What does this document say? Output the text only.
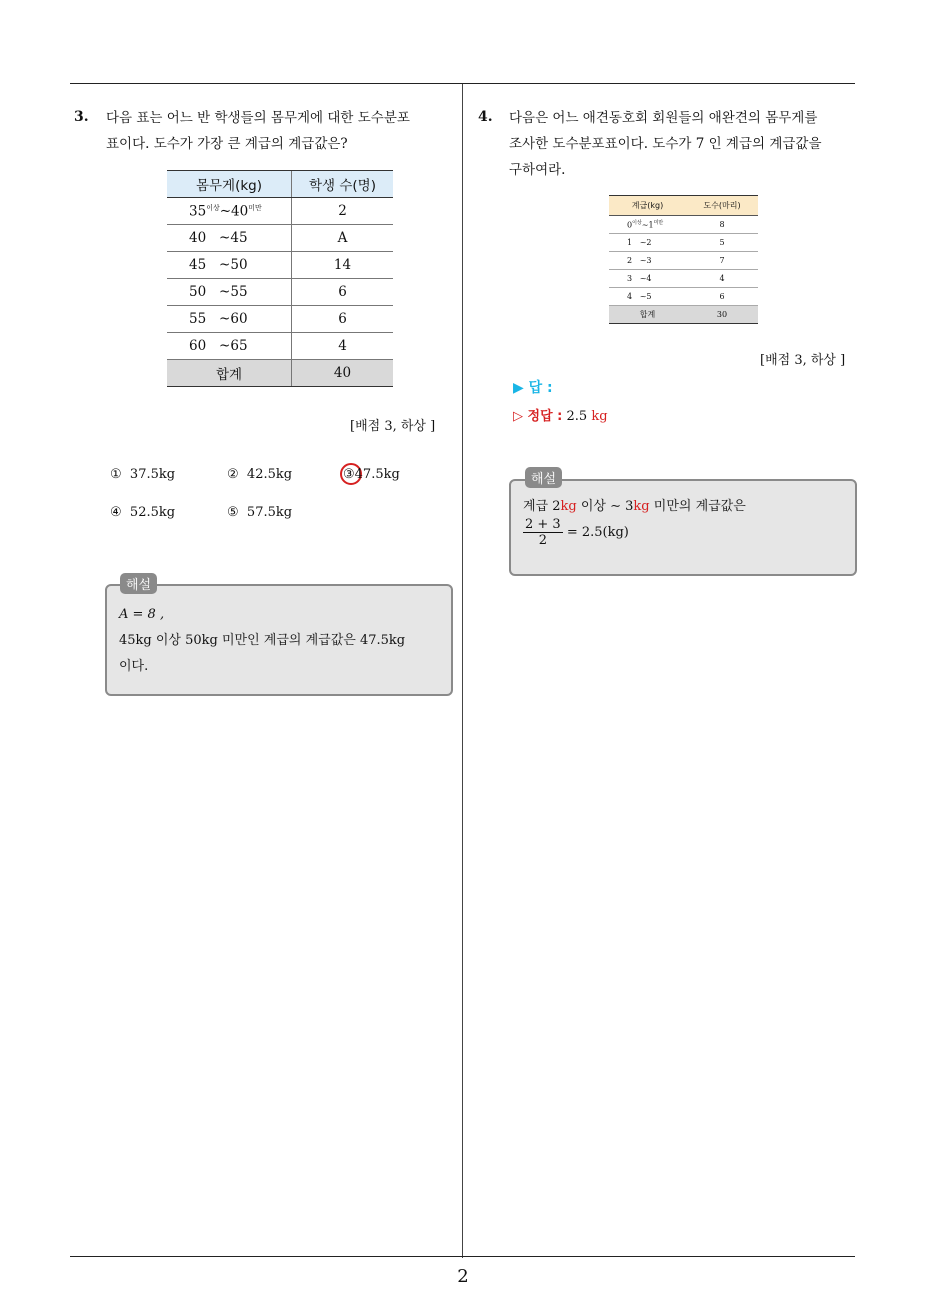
2
3. 다음 표는 어느 반 학생들의 몸무게에 대한 도수분포
표이다. 도수가 가장 큰 계급의 계급값은?
몸무게(kg)	학생 수(명)
$35^{이상}\sim 40^{미만}$	2
40   ~45	A
45   ~50	14
50   ~55	6
55   ~60	6
60   ~65	4
합계	40
[배점 3, 하상 ]
① 37.5kg	② 42.5kg	③47.5kg
④ 52.5kg	⑤ 57.5kg
A = 8 ,
45kg 이상 50kg 미만인 계급의 계급값은 47.5kg
이다.
해설
4. 다음은 어느 애견동호회 회원들의 애완견의 몸무게를
조사한 도수분포표이다. 도수가 7 인 계급의 계급값을
구하여라.
계급(kg)	도수(마리)
$0^{이상}\sim 1^{미만}$	8
1   ~2	5
2   ~3	7
3   ~4	4
4   ~5	6
합계	30
[배점 3, 하상 ]
▶ 답 :
▷ 정답 : 2.5 kg
계급 2kg 이상 ∼ 3kg 미만의 계급값은
$\frac{2 + 3}{2} = 2.5(kg)$
해설
